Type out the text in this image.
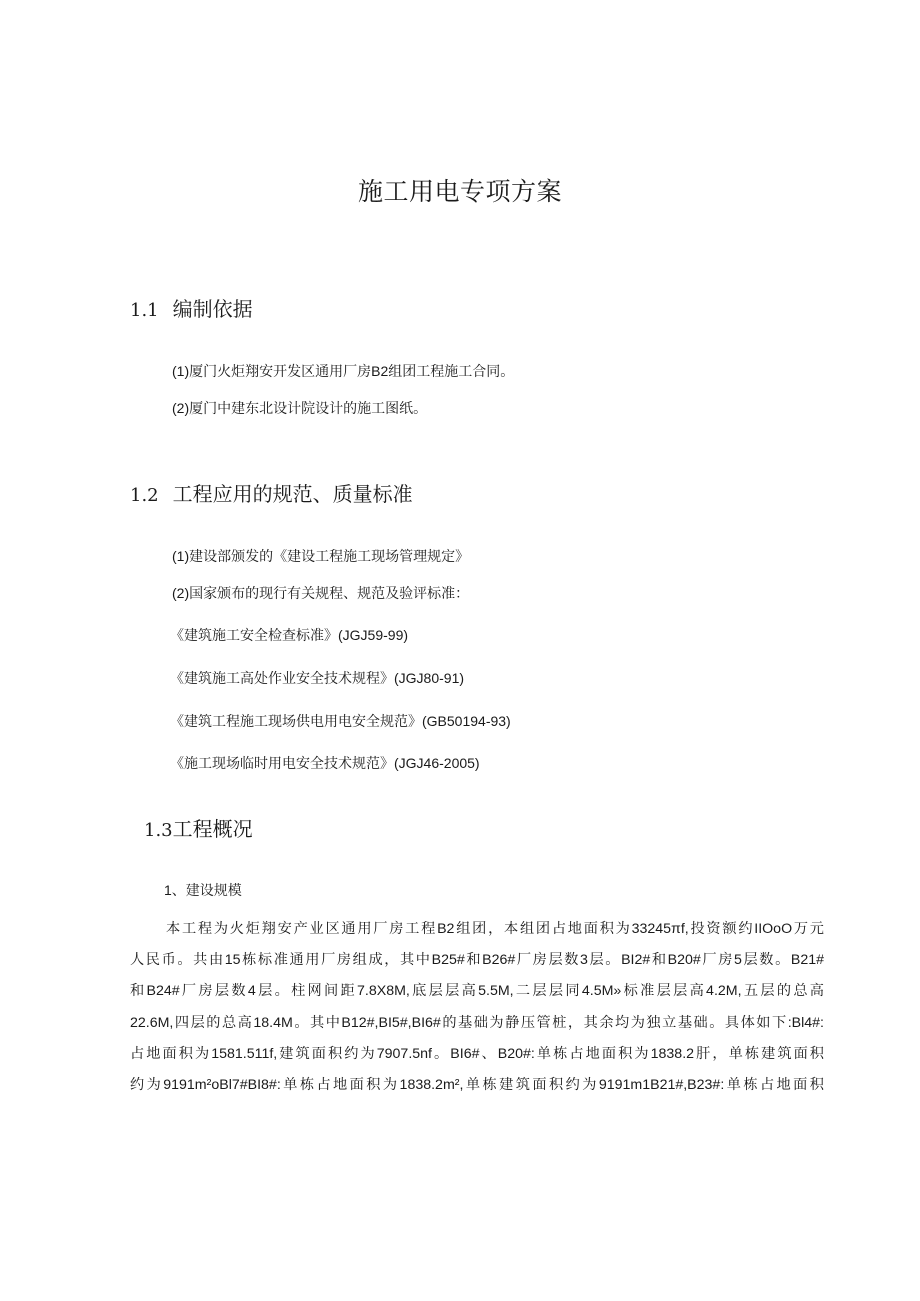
施工用电专项方案
1.1 编制依据

(1)厦门火炬翔安开发区通用厂房B2组团工程施工合同。

(2)厦门中建东北设计院设计的施工图纸。

1.2 工程应用的规范、质量标准

(1)建设部颁发的《建设工程施工现场管理规定》

(2)国家颁布的现行有关规程、规范及验评标准：

《建筑施工安全检查标准》(JGJ59-99)

《建筑施工高处作业安全技术规程》(JGJ80-91)

《建筑工程施工现场供电用电安全规范》(GB50194-93)

《施工现场临时用电安全技术规范》(JGJ46-2005)

1.3工程概况

1、建设规模

本工程为火炬翔安产业区通用厂房工程B2组团，本组团占地面积为33245πf,投资额约IIOoO万元
人民币。共由15栋标准通用厂房组成，其中B25#和B26#厂房层数3层。BI2#和B20#厂房5层数。B21#
和B24#厂房层数4层。柱网间距7.8X8M,底层层高5.5M,二层层同4.5M»标准层层高4.2M,五层的总高
22.6M,四层的总高18.4M。其中B12#,BI5#,BI6#的基础为静压管桩，其余均为独立基础。具体如下:Bl4#:
占地面积为1581.511f,建筑面积约为7907.5nf。BI6#、B20#:单栋占地面积为1838.2肝，单栋建筑面积
约为9191m²oBl7#BI8#:单栋占地面积为1838.2m²,单栋建筑面积约为9191m1B21#,B23#:单栋占地面积
